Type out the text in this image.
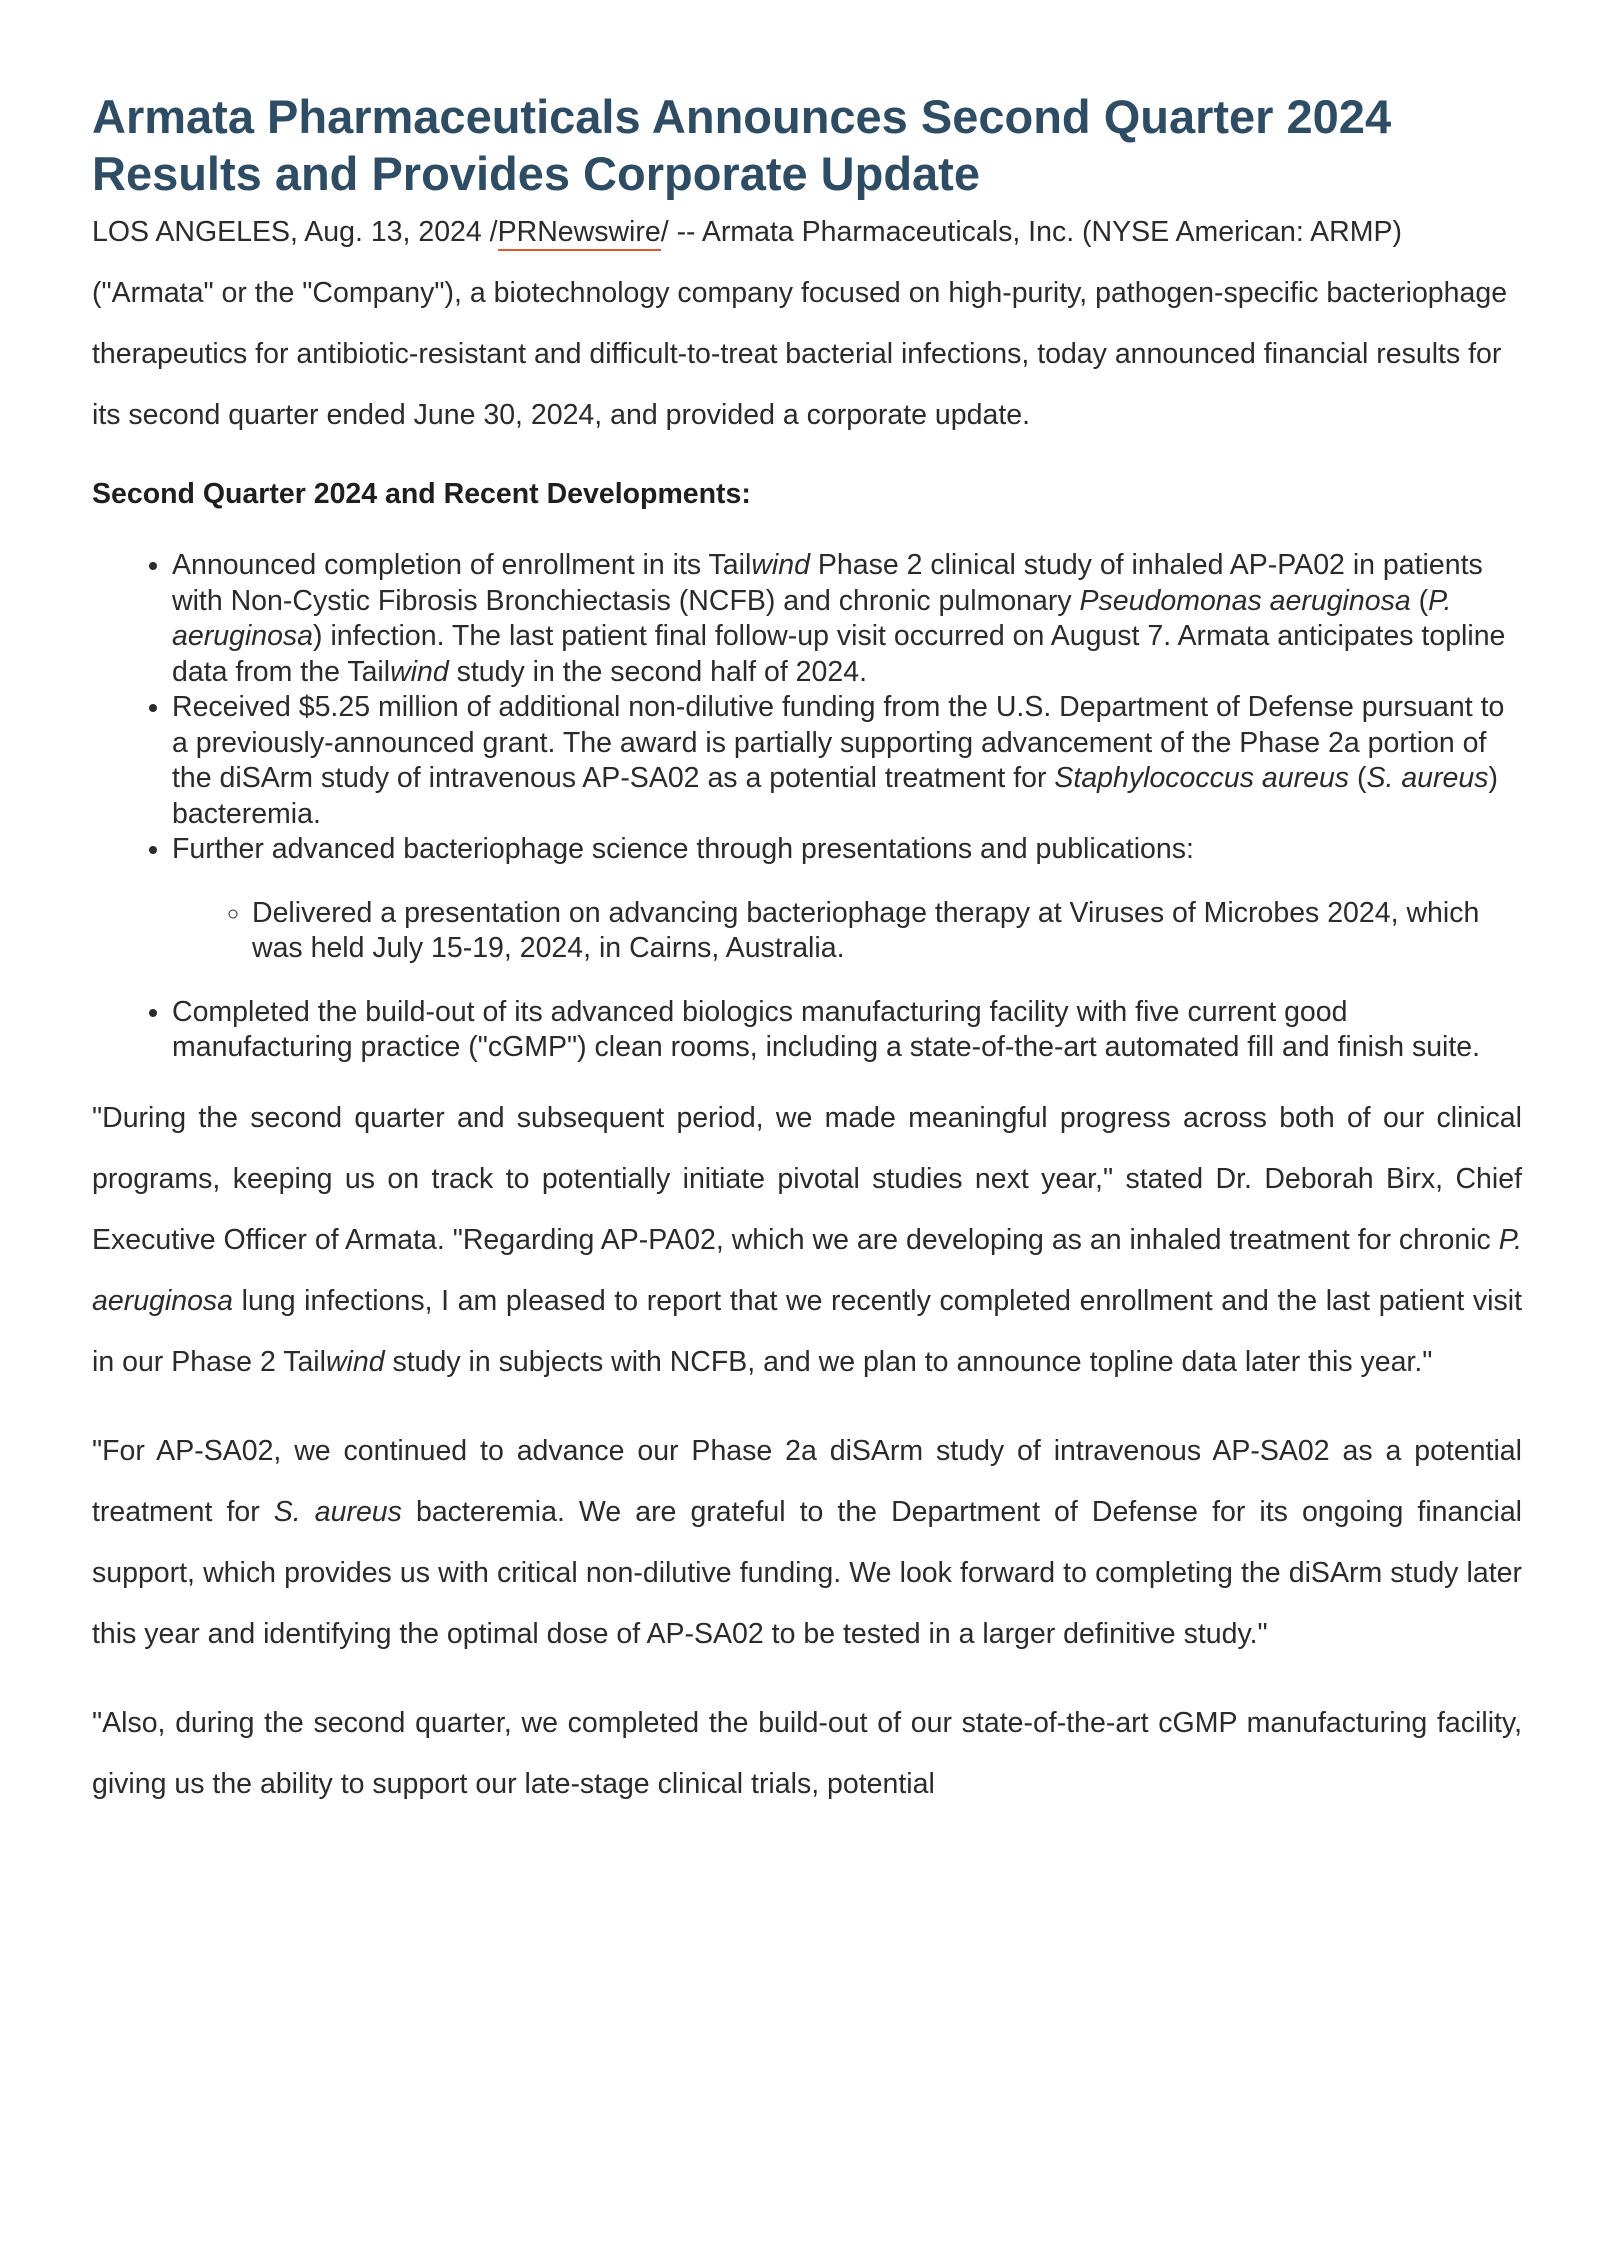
Armata Pharmaceuticals Announces Second Quarter 2024 Results and Provides Corporate Update

LOS ANGELES, Aug. 13, 2024 /PRNewswire/ -- Armata Pharmaceuticals, Inc. (NYSE American: ARMP) ("Armata" or the "Company"), a biotechnology company focused on high-purity, pathogen-specific bacteriophage therapeutics for antibiotic-resistant and difficult-to-treat bacterial infections, today announced financial results for its second quarter ended June 30, 2024, and provided a corporate update.

Second Quarter 2024 and Recent Developments:
• Announced completion of enrollment in its Tailwind Phase 2 clinical study of inhaled AP-PA02 in patients with Non-Cystic Fibrosis Bronchiectasis (NCFB) and chronic pulmonary Pseudomonas aeruginosa (P. aeruginosa) infection. The last patient final follow-up visit occurred on August 7. Armata anticipates topline data from the Tailwind study in the second half of 2024.
• Received $5.25 million of additional non-dilutive funding from the U.S. Department of Defense pursuant to a previously-announced grant. The award is partially supporting advancement of the Phase 2a portion of the diSArm study of intravenous AP-SA02 as a potential treatment for Staphylococcus aureus (S. aureus) bacteremia.
• Further advanced bacteriophage science through presentations and publications:
◦ Delivered a presentation on advancing bacteriophage therapy at Viruses of Microbes 2024, which was held July 15-19, 2024, in Cairns, Australia.
• Completed the build-out of its advanced biologics manufacturing facility with five current good manufacturing practice ("cGMP") clean rooms, including a state-of-the-art automated fill and finish suite.

"During the second quarter and subsequent period, we made meaningful progress across both of our clinical programs, keeping us on track to potentially initiate pivotal studies next year," stated Dr. Deborah Birx, Chief Executive Officer of Armata. "Regarding AP-PA02, which we are developing as an inhaled treatment for chronic P. aeruginosa lung infections, I am pleased to report that we recently completed enrollment and the last patient visit in our Phase 2 Tailwind study in subjects with NCFB, and we plan to announce topline data later this year."

"For AP-SA02, we continued to advance our Phase 2a diSArm study of intravenous AP-SA02 as a potential treatment for S. aureus bacteremia. We are grateful to the Department of Defense for its ongoing financial support, which provides us with critical non-dilutive funding. We look forward to completing the diSArm study later this year and identifying the optimal dose of AP-SA02 to be tested in a larger definitive study."

"Also, during the second quarter, we completed the build-out of our state-of-the-art cGMP manufacturing facility, giving us the ability to support our late-stage clinical trials, potential
